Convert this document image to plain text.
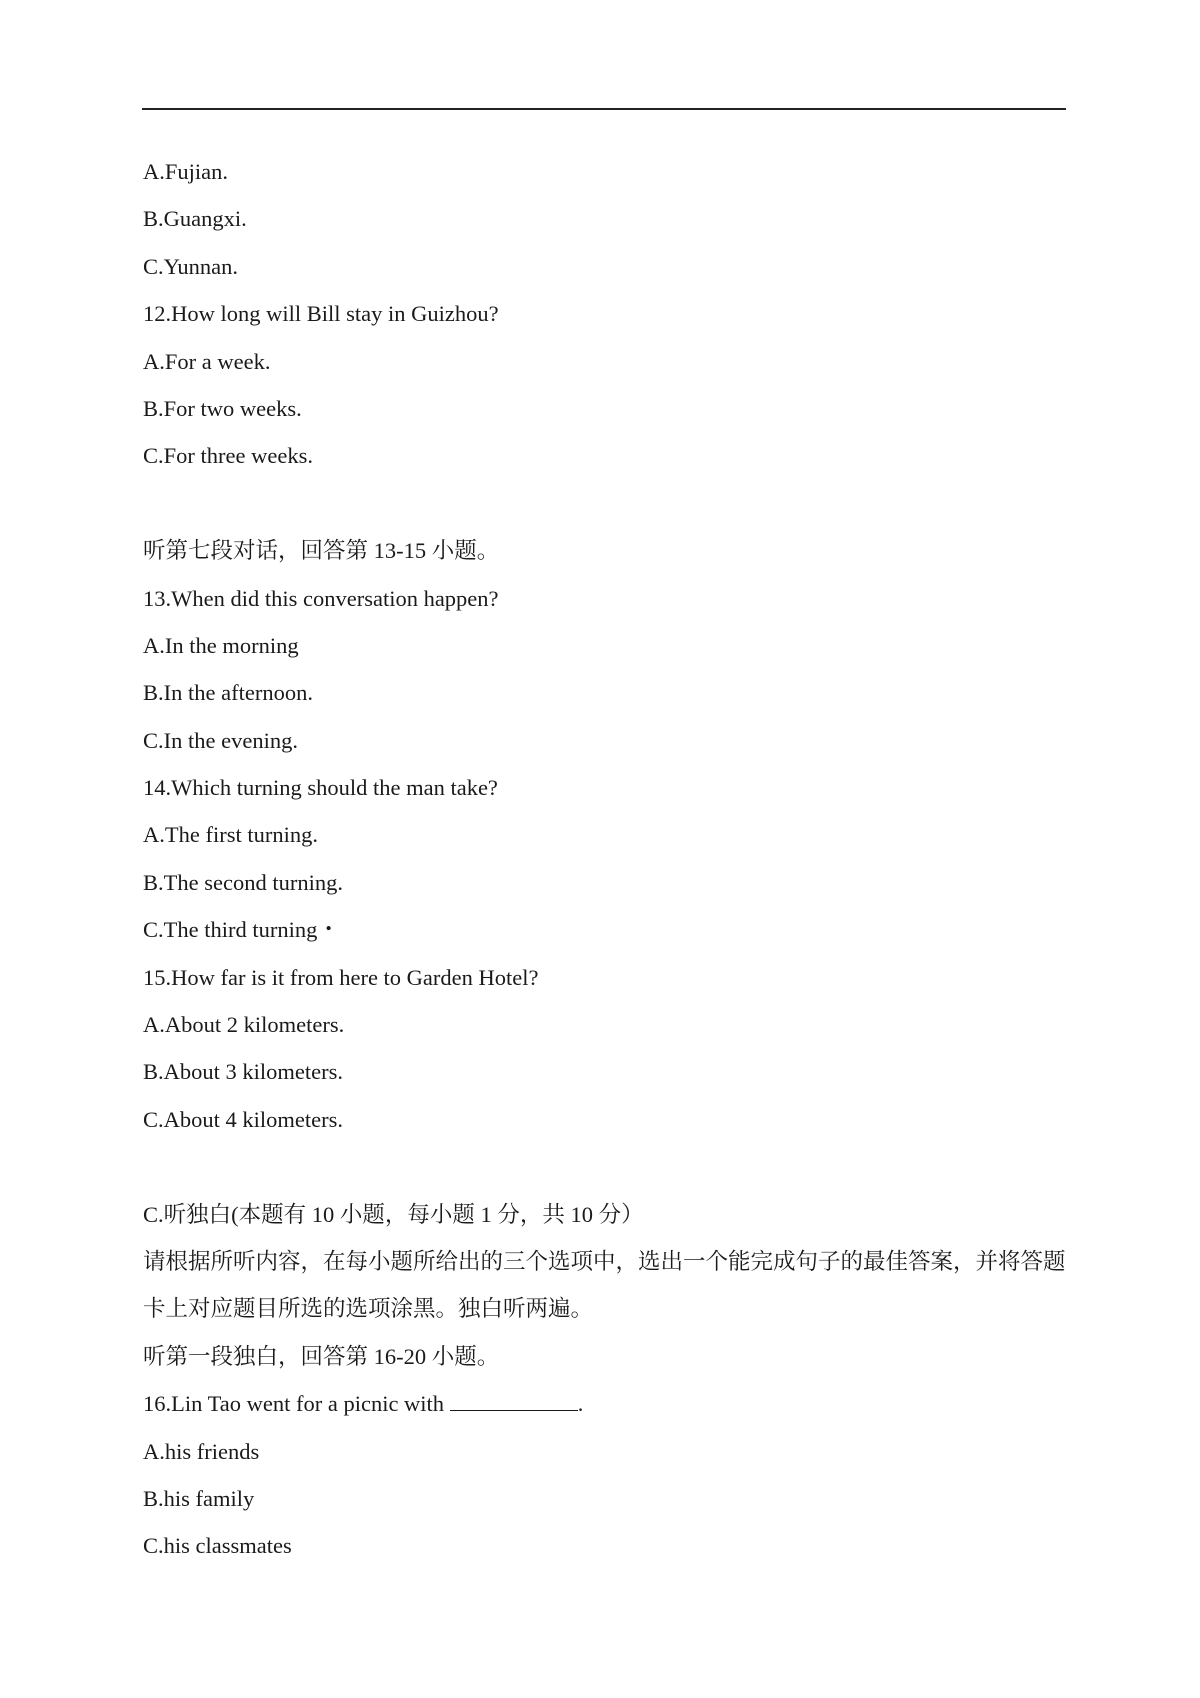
A.Fujian.
B.Guangxi.
C.Yunnan.
12.How long will Bill stay in Guizhou?
A.For a week.
B.For two weeks.
C.For three weeks.
听第七段对话，回答第 13-15 小题。
13.When did this conversation happen?
A.In the morning
B.In the afternoon.
C.In the evening.
14.Which turning should the man take?
A.The first turning.
B.The second turning.
C.The third turning・
15.How far is it from here to Garden Hotel?
A.About 2 kilometers.
B.About 3 kilometers.
C.About 4 kilometers.
C.听独白(本题有 10 小题，每小题 1 分，共 10 分）
请根据所听内容，在每小题所给出的三个选项中，选出一个能完成句子的最佳答案，并将答题卡上对应题目所选的选项涂黑。独白听两遍。
听第一段独白，回答第 16-20 小题。
16.Lin Tao went for a picnic with	.
A.his friends
B.his family
C.his classmates
